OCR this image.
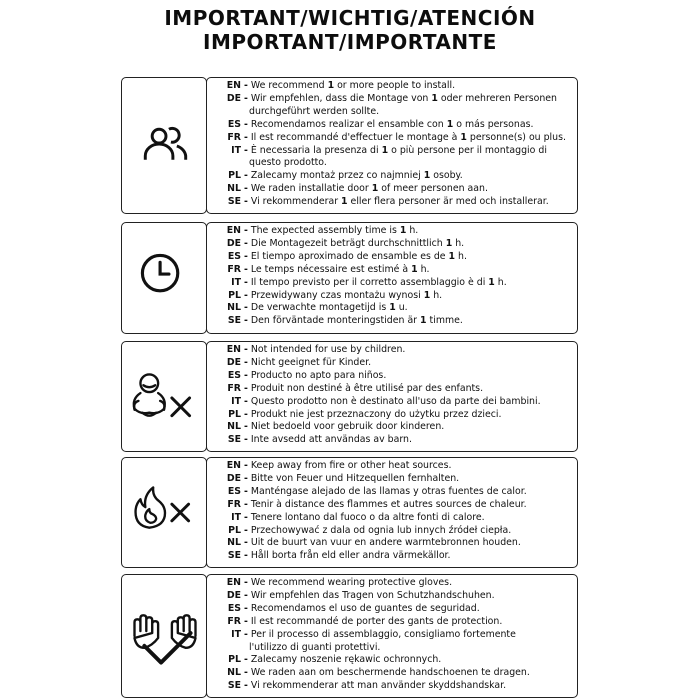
IMPORTANT/WICHTIG/ATENCIÓN
IMPORTANT/IMPORTANTE
EN - We recommend 1 or more people to install.
DE - Wir empfehlen, dass die Montage von 1 oder mehreren Personen
durchgeführt werden sollte.
ES - Recomendamos realizar el ensamble con 1 o más personas.
FR - Il est recommandé d'effectuer le montage à 1 personne(s) ou plus.
IT - È necessaria la presenza di 1 o più persone per il montaggio di
questo prodotto.
PL - Zalecamy montaż przez co najmniej 1 osoby.
NL - We raden installatie door 1 of meer personen aan.
SE - Vi rekommenderar 1 eller flera personer är med och installerar.
EN - The expected assembly time is 1 h.
DE - Die Montagezeit beträgt durchschnittlich 1 h.
ES - El tiempo aproximado de ensamble es de 1 h.
FR - Le temps nécessaire est estimé à 1 h.
IT - Il tempo previsto per il corretto assemblaggio è di 1 h.
PL - Przewidywany czas montażu wynosi 1 h.
NL - De verwachte montagetijd is 1 u.
SE - Den förväntade monteringstiden är 1 timme.
EN - Not intended for use by children.
DE - Nicht geeignet für Kinder.
ES - Producto no apto para niños.
FR - Produit non destiné à être utilisé par des enfants.
IT - Questo prodotto non è destinato all'uso da parte dei bambini.
PL - Produkt nie jest przeznaczony do użytku przez dzieci.
NL - Niet bedoeld voor gebruik door kinderen.
SE - Inte avsedd att användas av barn.
EN - Keep away from fire or other heat sources.
DE - Bitte von Feuer und Hitzequellen fernhalten.
ES - Manténgase alejado de las llamas y otras fuentes de calor.
FR - Tenir à distance des flammes et autres sources de chaleur.
IT - Tenere lontano dal fuoco o da altre fonti di calore.
PL - Przechowywać z dala od ognia lub innych źródeł ciepła.
NL - Uit de buurt van vuur en andere warmtebronnen houden.
SE - Håll borta från eld eller andra värmekällor.
EN - We recommend wearing protective gloves.
DE - Wir empfehlen das Tragen von Schutzhandschuhen.
ES - Recomendamos el uso de guantes de seguridad.
FR - Il est recommandé de porter des gants de protection.
IT - Per il processo di assemblaggio, consigliamo fortemente
l'utilizzo di guanti protettivi.
PL - Zalecamy noszenie rękawic ochronnych.
NL - We raden aan om beschermende handschoenen te dragen.
SE - Vi rekommenderar att man använder skyddshandskar.
